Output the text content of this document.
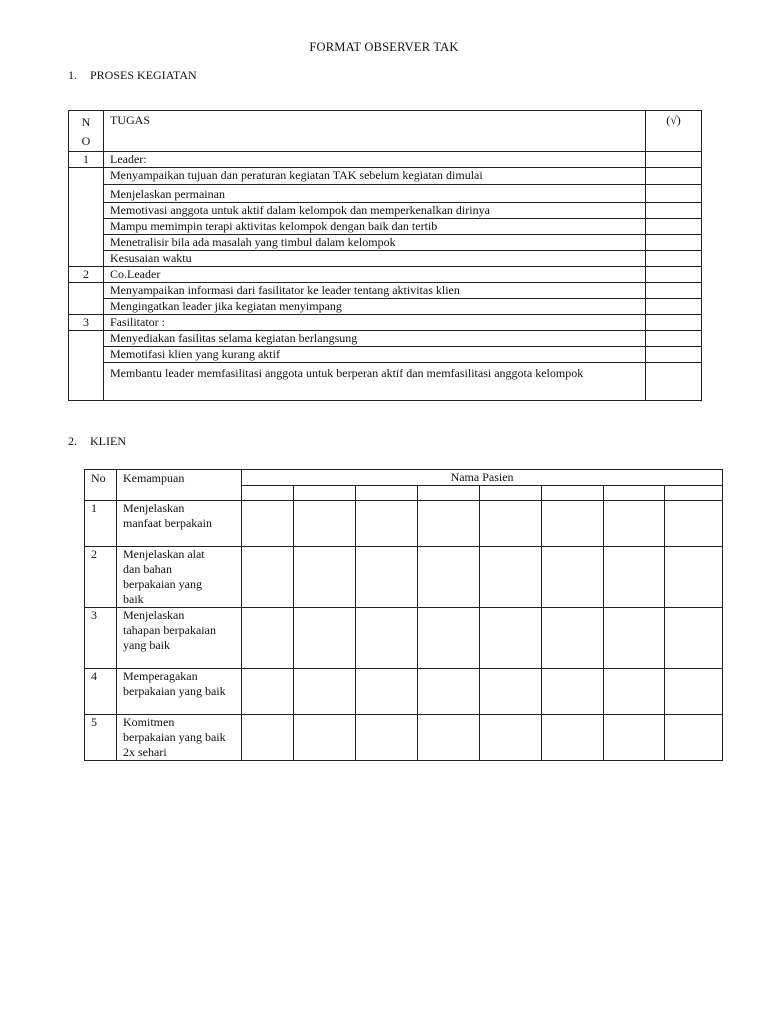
FORMAT OBSERVER TAK
1. PROSES KEGIATAN
N O	TUGAS	(√)
1	Leader:	
	Menyampaikan tujuan dan peraturan kegiatan TAK sebelum kegiatan dimulai	
	Menjelaskan permainan	
	Memotivasi anggota untuk aktif dalam kelompok dan memperkenalkan dirinya	
	Mampu memimpin terapi aktivitas kelompok dengan baik dan tertib	
	Menetralisir bila ada masalah yang timbul dalam kelompok	
	Kesusaian waktu	
2	Co.Leader	
	Menyampaikan informasi dari fasilitator ke leader tentang aktivitas klien	
	Mengingatkan leader jika kegiatan menyimpang	
3	Fasilitator :	
	Menyediakan fasilitas selama kegiatan berlangsung	
	Memotifasi klien yang kurang aktif	
	Membantu leader memfasilitasi anggota untuk berperan aktif dan memfasilitasi anggota kelompok	
2. KLIEN
No	Kemampuan	Nama Pasien							

1	Menjelaskan manfaat berpakain								
2	Menjelaskan alat dan bahan berpakaian yang baik								
3	Menjelaskan tahapan berpakaian yang baik								
4	Memperagakan berpakaian yang baik								
5	Komitmen berpakaian yang baik 2x sehari								
